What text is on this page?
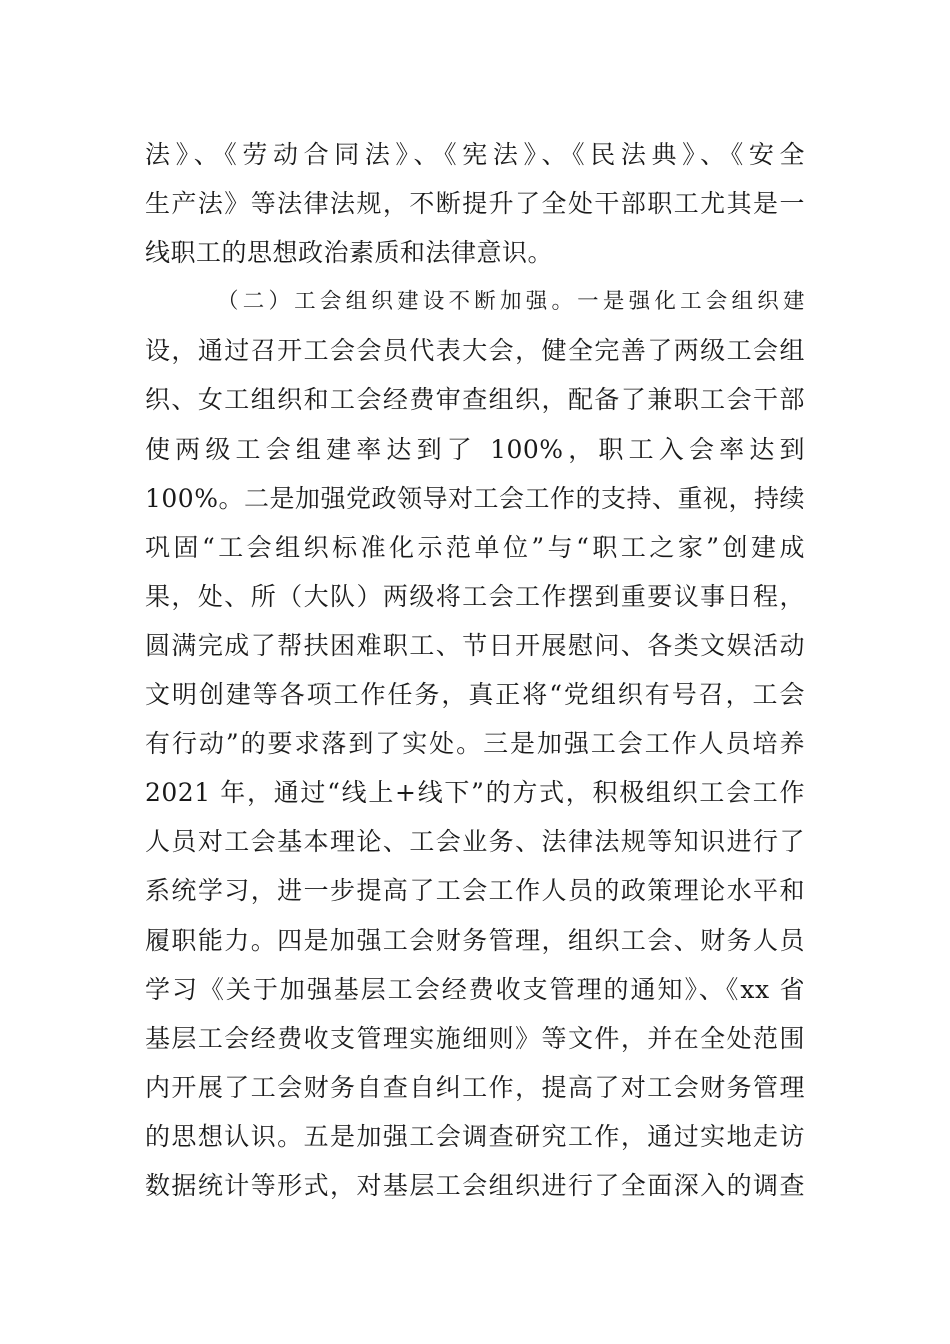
法》、《劳动合同法》、《宪法》、《民法典》、《安全
生产法》等法律法规，不断提升了全处干部职工尤其是一
线职工的思想政治素质和法律意识。
（二）工会组织建设不断加强。一是强化工会组织建
设，通过召开工会会员代表大会，健全完善了两级工会组
织、女工组织和工会经费审查组织，配备了兼职工会干部
使两级工会组建率达到了 100%，职工入会率达到
100%。二是加强党政领导对工会工作的支持、重视，持续
巩固“工会组织标准化示范单位”与“职工之家”创建成
果，处、所（大队）两级将工会工作摆到重要议事日程，
圆满完成了帮扶困难职工、节日开展慰问、各类文娱活动
文明创建等各项工作任务，真正将“党组织有号召，工会
有行动”的要求落到了实处。三是加强工会工作人员培养
2021 年，通过“线上+线下”的方式，积极组织工会工作
人员对工会基本理论、工会业务、法律法规等知识进行了
系统学习，进一步提高了工会工作人员的政策理论水平和
履职能力。四是加强工会财务管理，组织工会、财务人员
学习《关于加强基层工会经费收支管理的通知》、《xx 省
基层工会经费收支管理实施细则》等文件，并在全处范围
内开展了工会财务自查自纠工作，提高了对工会财务管理
的思想认识。五是加强工会调查研究工作，通过实地走访
数据统计等形式，对基层工会组织进行了全面深入的调查
